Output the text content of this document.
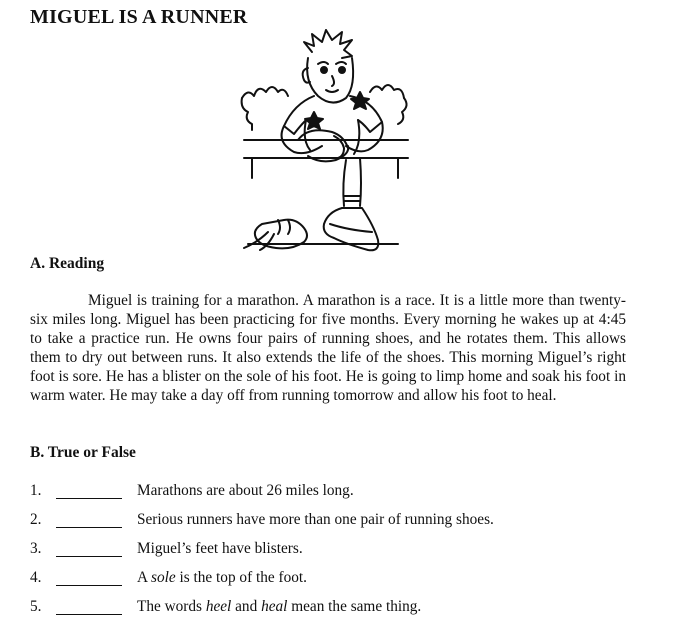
MIGUEL IS A RUNNER
A. Reading

Miguel is training for a marathon. A marathon is a race. It is a little more than twenty-six miles long. Miguel has been practicing for five months. Every morning he wakes up at 4:45 to take a practice run. He owns four pairs of running shoes, and he rotates them. This allows them to dry out between runs. It also extends the life of the shoes. This morning Miguel’s right foot is sore. He has a blister on the sole of his foot. He is going to limp home and soak his foot in warm water. He may take a day off from running tomorrow and allow his foot to heal.

B. True or False
1.	Marathons are about 26 miles long.
2.	Serious runners have more than one pair of running shoes.
3.	Miguel’s feet have blisters.
4.	A sole is the top of the foot.
5.	The words heel and heal mean the same thing.
